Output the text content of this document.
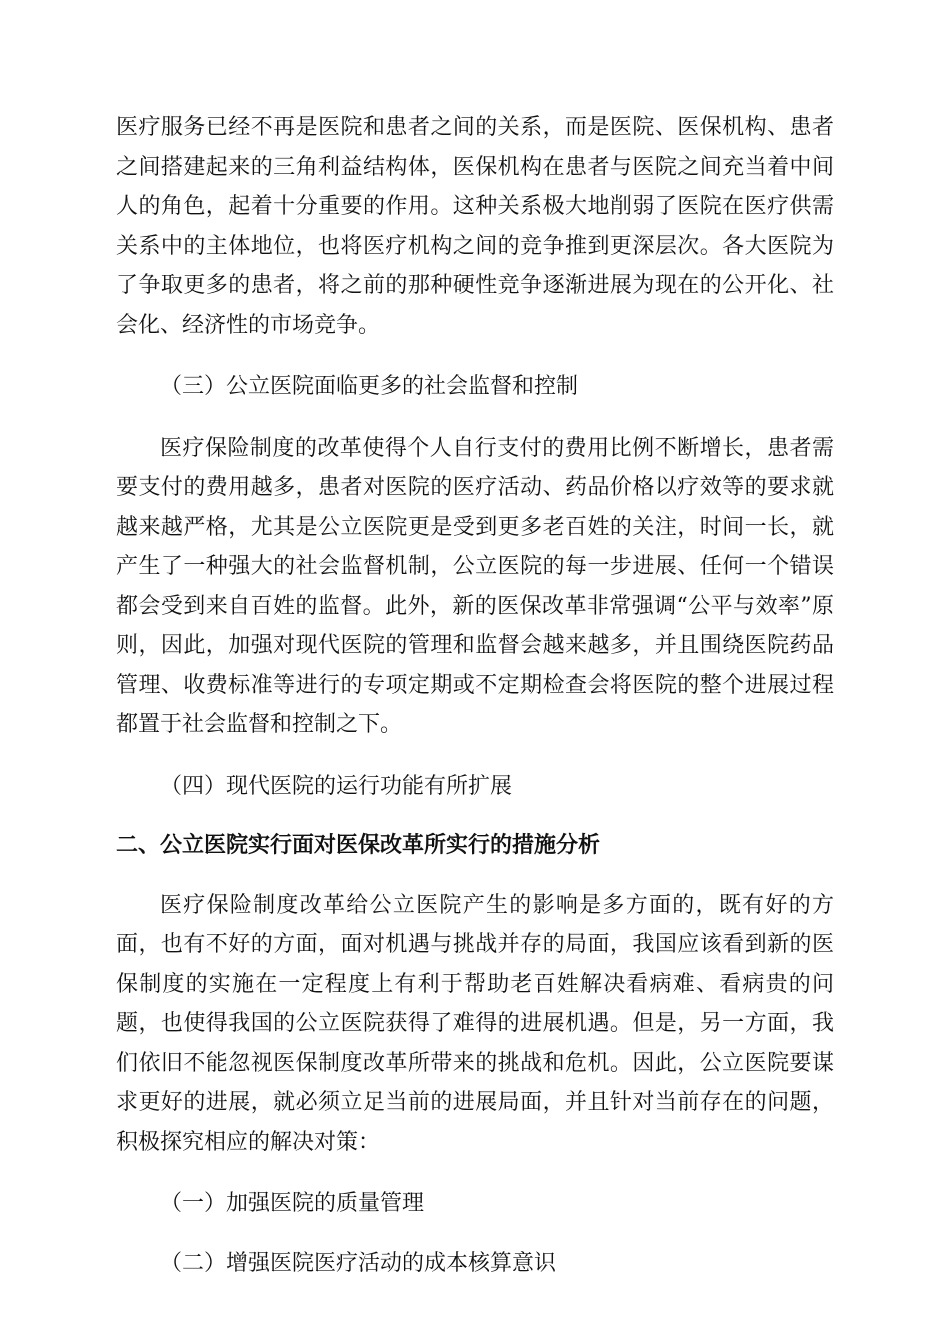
医疗服务已经不再是医院和患者之间的关系，而是医院、医保机构、患者之间搭建起来的三角利益结构体，医保机构在患者与医院之间充当着中间人的角色，起着十分重要的作用。这种关系极大地削弱了医院在医疗供需关系中的主体地位，也将医疗机构之间的竞争推到更深层次。各大医院为了争取更多的患者，将之前的那种硬性竞争逐渐进展为现在的公开化、社会化、经济性的市场竞争。

（三）公立医院面临更多的社会监督和控制

医疗保险制度的改革使得个人自行支付的费用比例不断增长，患者需要支付的费用越多，患者对医院的医疗活动、药品价格以疗效等的要求就越来越严格，尤其是公立医院更是受到更多老百姓的关注，时间一长，就产生了一种强大的社会监督机制，公立医院的每一步进展、任何一个错误都会受到来自百姓的监督。此外，新的医保改革非常强调“公平与效率”原则，因此，加强对现代医院的管理和监督会越来越多，并且围绕医院药品管理、收费标准等进行的专项定期或不定期检查会将医院的整个进展过程都置于社会监督和控制之下。

（四）现代医院的运行功能有所扩展

二、公立医院实行面对医保改革所实行的措施分析

医疗保险制度改革给公立医院产生的影响是多方面的，既有好的方面，也有不好的方面，面对机遇与挑战并存的局面，我国应该看到新的医保制度的实施在一定程度上有利于帮助老百姓解决看病难、看病贵的问题，也使得我国的公立医院获得了难得的进展机遇。但是，另一方面，我们依旧不能忽视医保制度改革所带来的挑战和危机。因此，公立医院要谋求更好的进展，就必须立足当前的进展局面，并且针对当前存在的问题，积极探究相应的解决对策：

（一）加强医院的质量管理

（二）增强医院医疗活动的成本核算意识
